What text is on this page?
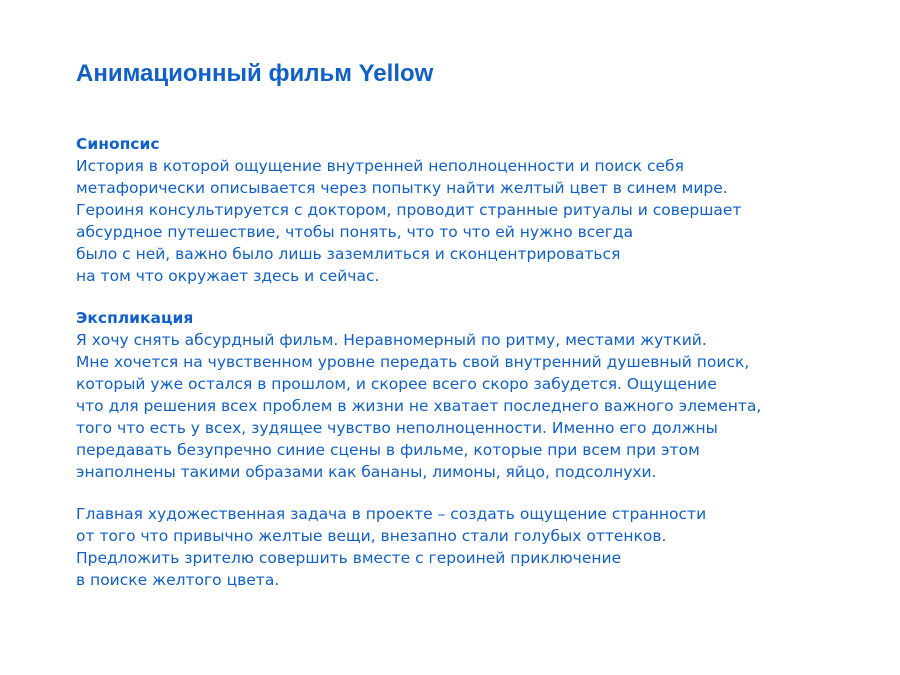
Анимационный фильм Yellow
Синопсис
История в которой ощущение внутренней неполноценности и поиск себя
метафорически описывается через попытку найти желтый цвет в синем мире.
Героиня консультируется с доктором, проводит странные ритуалы и совершает
абсурдное путешествие, чтобы понять, что то что ей нужно всегда
было с ней, важно было лишь заземлиться и сконцентрироваться
на том что окружает здесь и сейчас.
Экспликация
Я хочу снять абсурдный фильм. Неравномерный по ритму, местами жуткий.
Мне хочется на чувственном уровне передать свой внутренний душевный поиск,
который уже остался в прошлом, и скорее всего скоро забудется. Ощущение
что для решения всех проблем в жизни не хватает последнего важного элемента,
того что есть у всех, зудящее чувство неполноценности. Именно его должны
передавать безупречно синие сцены в фильме, которые при всем при этом
энаполнены такими образами как бананы, лимоны, яйцо, подсолнухи.
Главная художественная задача в проекте – создать ощущение странности
от того что привычно желтые вещи, внезапно стали голубых оттенков.
Предложить зрителю совершить вместе с героиней приключение
в поиске желтого цвета.
